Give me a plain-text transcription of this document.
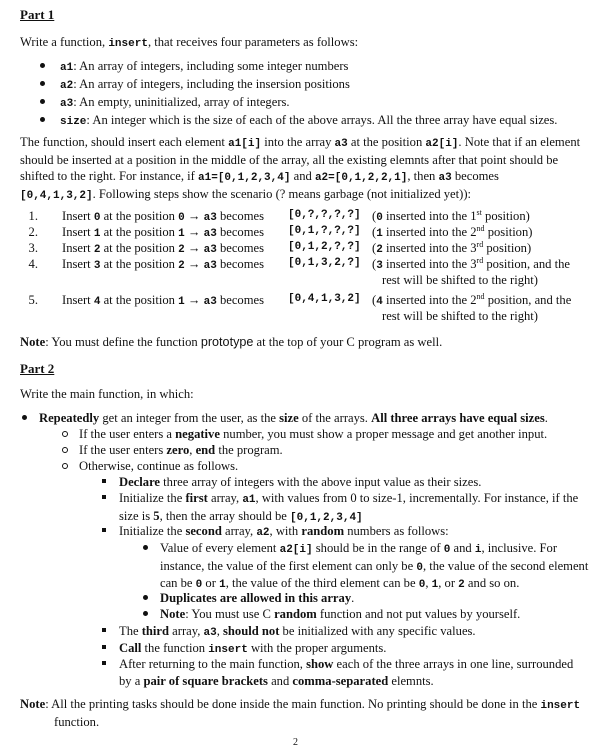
Part 1
Write a function, insert, that receives four parameters as follows:
a1: An array of integers, including some integer numbers
a2: An array of integers, including the insersion positions
a3: An empty, uninitialized, array of integers.
size: An integer which is the size of each of the above arrays. All the three array have equal sizes.
The function, should insert each element a1[i] into the array a3 at the position a2[i]. Note that if an element
should be inserted at a position in the middle of the array, all the existing elemnts after that point should be
shifted to the right. For instance, if a1=[0,1,2,3,4] and a2=[0,1,2,2,1], then a3 becomes
[0,4,1,3,2]. Following steps show the scenario (? means garbage (not initialized yet)):
1. Insert 0 at the position 0 → a3 becomes [0,?,?,?,?] (0 inserted into the 1st position)
2. Insert 1 at the position 1 → a3 becomes [0,1,?,?,?] (1 inserted into the 2nd position)
3. Insert 2 at the position 2 → a3 becomes [0,1,2,?,?] (2 inserted into the 3rd position)
4. Insert 3 at the position 2 → a3 becomes [0,1,3,2,?] (3 inserted into the 3rd position, and the
rest will be shifted to the right)
5. Insert 4 at the position 1 → a3 becomes [0,4,1,3,2] (4 inserted into the 2nd position, and the
rest will be shifted to the right)
Note: You must define the function prototype at the top of your C program as well.
Part 2
Write the main function, in which:
Repeatedly get an integer from the user, as the size of the arrays. All three arrays have equal sizes.
If the user enters a negative number, you must show a proper message and get another input.
If the user enters zero, end the program.
Otherwise, continue as follows.
Declare three array of integers with the above input value as their sizes.
Initialize the first array, a1, with values from 0 to size-1, incrementally. For instance, if the
size is 5, then the array should be [0,1,2,3,4]
Initialize the second array, a2, with random numbers as follows:
Value of every element a2[i] should be in the range of 0 and i, inclusive. For
instance, the value of the first element can only be 0, the value of the second element
can be 0 or 1, the value of the third element can be 0, 1, or 2 and so on.
Duplicates are allowed in this array.
Note: You must use C random function and not put values by yourself.
The third array, a3, should not be initialized with any specific values.
Call the function insert with the proper arguments.
After returning to the main function, show each of the three arrays in one line, surrounded
by a pair of square brackets and comma-separated elemnts.
Note: All the printing tasks should be done inside the main function. No printing should be done in the insert
function.
2
